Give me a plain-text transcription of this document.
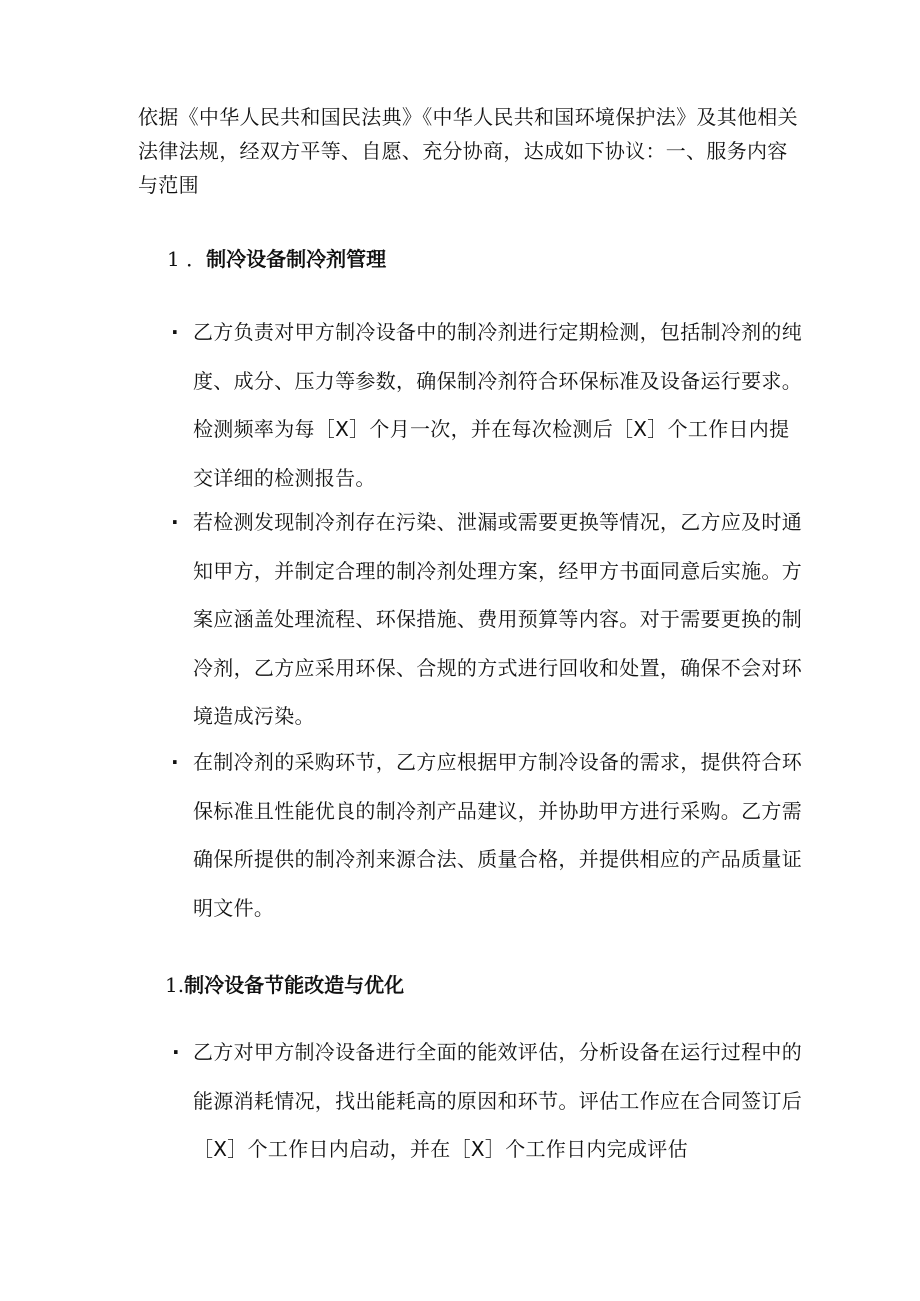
依据《中华人民共和国民法典》《中华人民共和国环境保护法》及其他相关法律法规，经双方平等、自愿、充分协商，达成如下协议：一、服务内容与范围
1 ．制冷设备制冷剂管理
· 乙方负责对甲方制冷设备中的制冷剂进行定期检测，包括制冷剂的纯度、成分、压力等参数，确保制冷剂符合环保标准及设备运行要求。检测频率为每［X］个月一次，并在每次检测后［X］个工作日内提交详细的检测报告。
· 若检测发现制冷剂存在污染、泄漏或需要更换等情况，乙方应及时通知甲方，并制定合理的制冷剂处理方案，经甲方书面同意后实施。方案应涵盖处理流程、环保措施、费用预算等内容。对于需要更换的制冷剂，乙方应采用环保、合规的方式进行回收和处置，确保不会对环境造成污染。
· 在制冷剂的采购环节，乙方应根据甲方制冷设备的需求，提供符合环保标准且性能优良的制冷剂产品建议，并协助甲方进行采购。乙方需确保所提供的制冷剂来源合法、质量合格，并提供相应的产品质量证明文件。
1.制冷设备节能改造与优化
· 乙方对甲方制冷设备进行全面的能效评估，分析设备在运行过程中的能源消耗情况，找出能耗高的原因和环节。评估工作应在合同签订后［X］个工作日内启动，并在［X］个工作日内完成评估
